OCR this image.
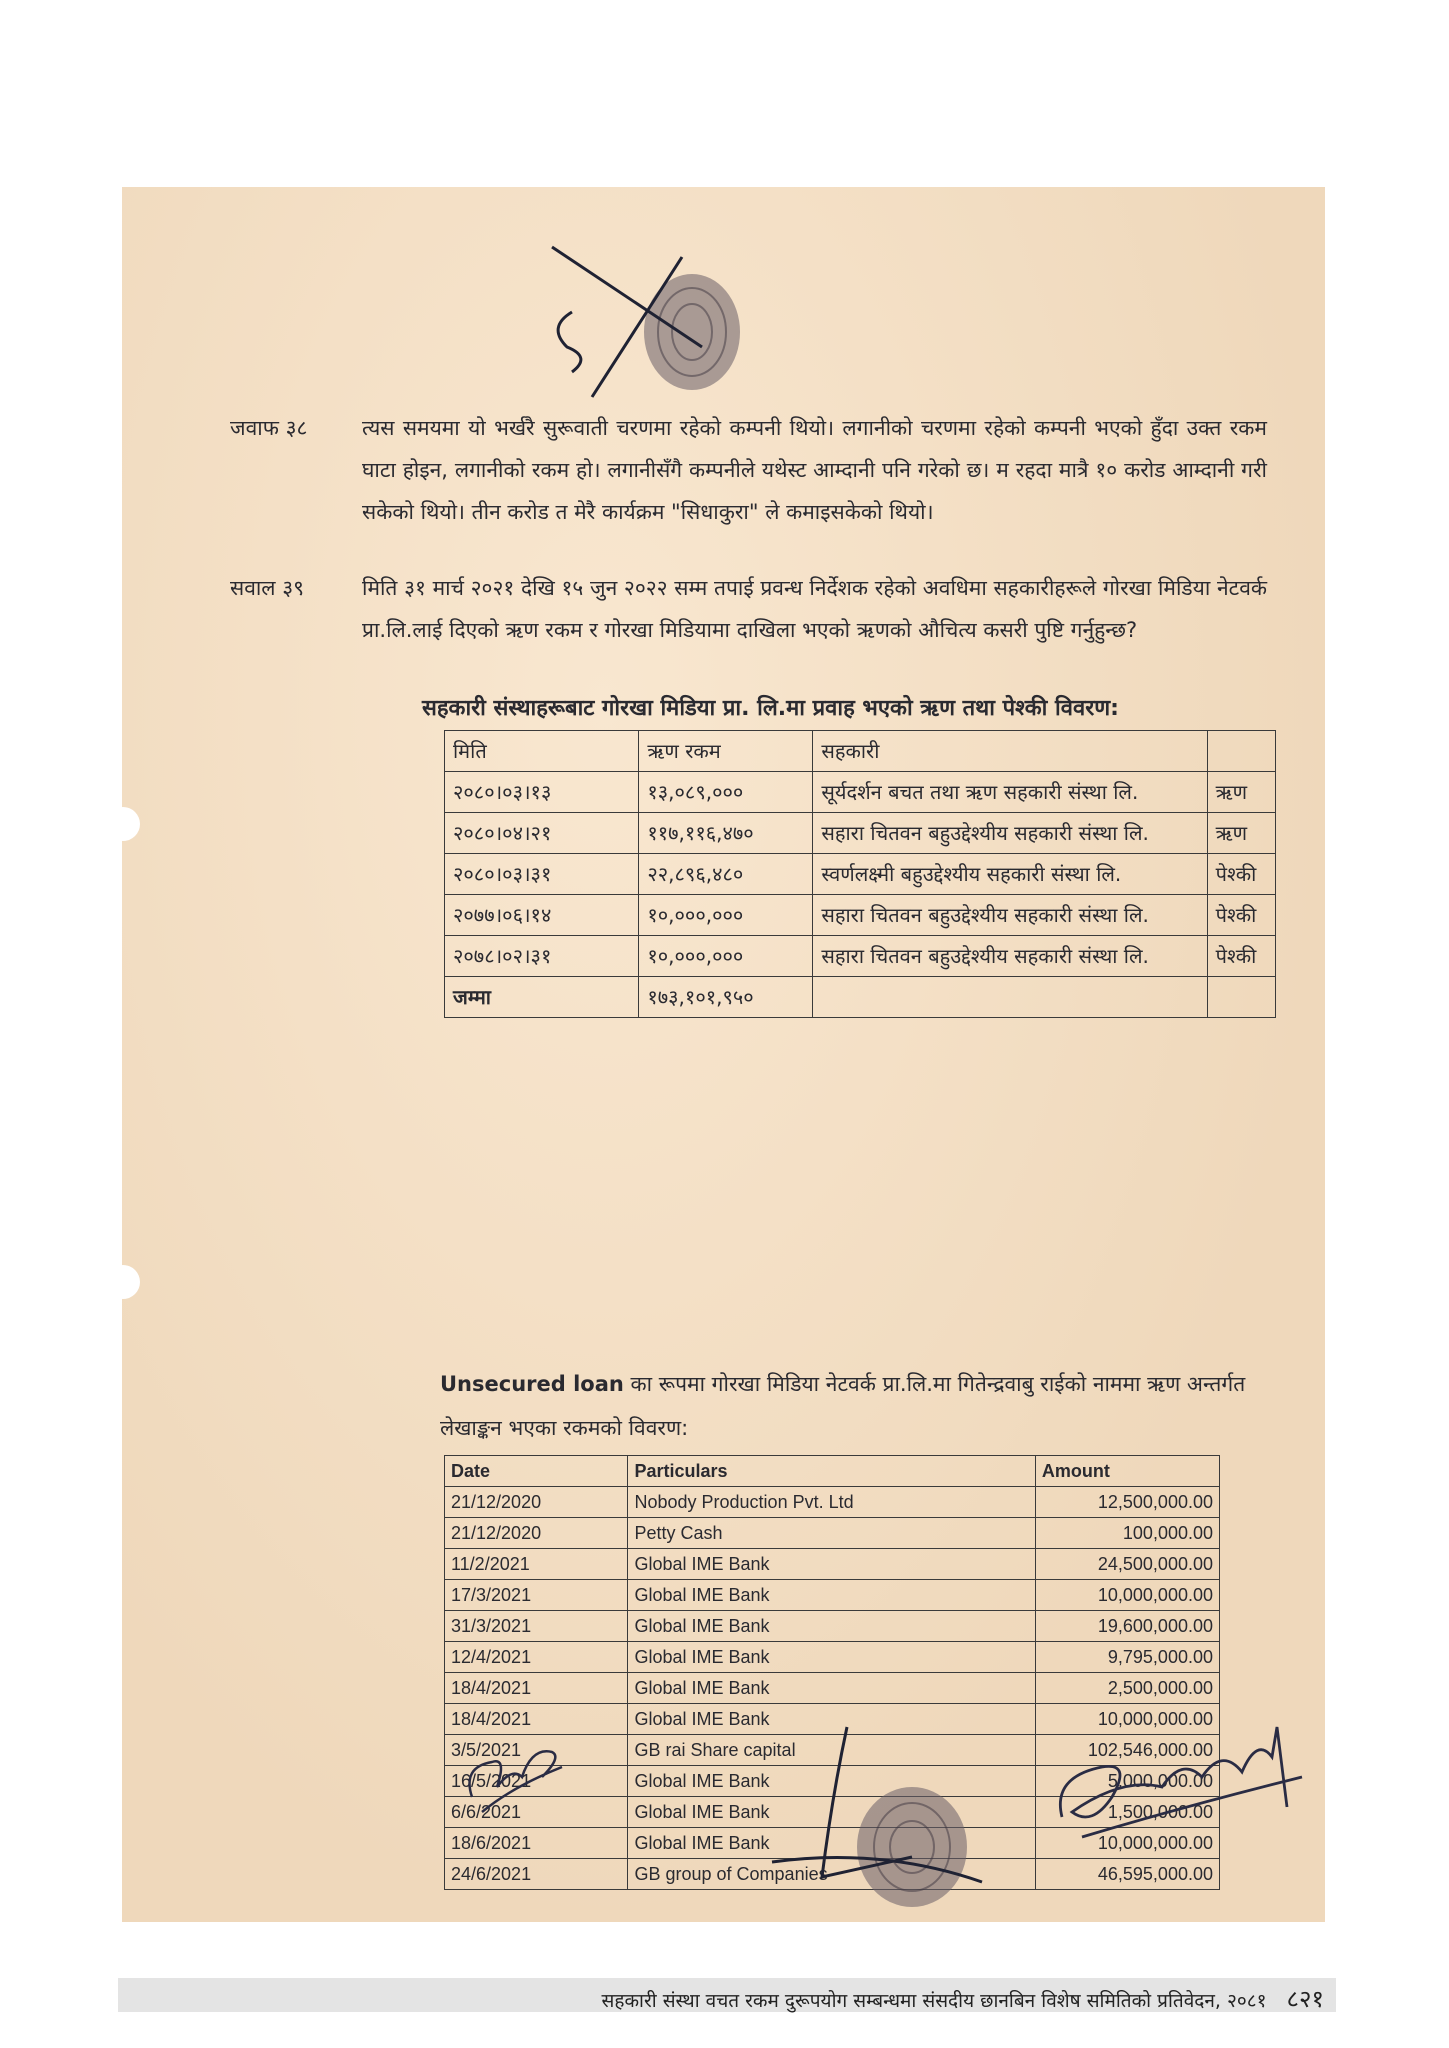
जवाफ ३८	त्यस समयमा यो भर्खरै सुरूवाती चरणमा रहेको कम्पनी थियो। लगानीको चरणमा रहेको कम्पनी भएको हुँदा उक्त रकम घाटा होइन, लगानीको रकम हो। लगानीसँगै कम्पनीले यथेस्ट आम्दानी पनि गरेको छ। म रहदा मात्रै १० करोड आम्दानी गरी सकेको थियो। तीन करोड त मेरै कार्यक्रम "सिधाकुरा" ले कमाइसकेको थियो।
सवाल ३९	मिति ३१ मार्च २०२१ देखि १५ जुन २०२२ सम्म तपाई प्रवन्ध निर्देशक रहेको अवधिमा सहकारीहरूले गोरखा मिडिया नेटवर्क प्रा.लि.लाई दिएको ऋण रकम र गोरखा मिडियामा दाखिला भएको ऋणको औचित्य कसरी पुष्टि गर्नुहुन्छ?
सहकारी संस्थाहरूबाट गोरखा मिडिया प्रा. लि.मा प्रवाह भएको ऋण तथा पेश्की विवरण:
मिति	ऋण रकम	सहकारी	
२०८०।०३।१३	१३,०८९,०००	सूर्यदर्शन बचत तथा ऋण सहकारी संस्था लि.	ऋण
२०८०।०४।२१	११७,११६,४७०	सहारा चितवन बहुउद्देश्यीय सहकारी संस्था लि.	ऋण
२०८०।०३।३१	२२,८९६,४८०	स्वर्णलक्ष्मी बहुउद्देश्यीय सहकारी संस्था लि.	पेश्की
२०७७।०६।१४	१०,०००,०००	सहारा चितवन बहुउद्देश्यीय सहकारी संस्था लि.	पेश्की
२०७८।०२।३१	१०,०००,०००	सहारा चितवन बहुउद्देश्यीय सहकारी संस्था लि.	पेश्की
जम्मा	१७३,१०१,९५०		
Unsecured loan का रूपमा गोरखा मिडिया नेटवर्क प्रा.लि.मा गितेन्द्रवाबु राईको नाममा ऋण अन्तर्गत लेखाङ्कन भएका रकमको विवरण:
Date	Particulars	Amount
21/12/2020	Nobody Production Pvt. Ltd	12,500,000.00
21/12/2020	Petty Cash	100,000.00
11/2/2021	Global IME Bank	24,500,000.00
17/3/2021	Global IME Bank	10,000,000.00
31/3/2021	Global IME Bank	19,600,000.00
12/4/2021	Global IME Bank	9,795,000.00
18/4/2021	Global IME Bank	2,500,000.00
18/4/2021	Global IME Bank	10,000,000.00
3/5/2021	GB rai Share capital	102,546,000.00
16/5/2021	Global IME Bank	5,000,000.00
6/6/2021	Global IME Bank	1,500,000.00
18/6/2021	Global IME Bank	10,000,000.00
24/6/2021	GB group of Companies	46,595,000.00
सहकारी संस्था वचत रकम दुरूपयोग सम्बन्धमा संसदीय छानबिन विशेष समितिको प्रतिवेदन, २०८१ ८२१
